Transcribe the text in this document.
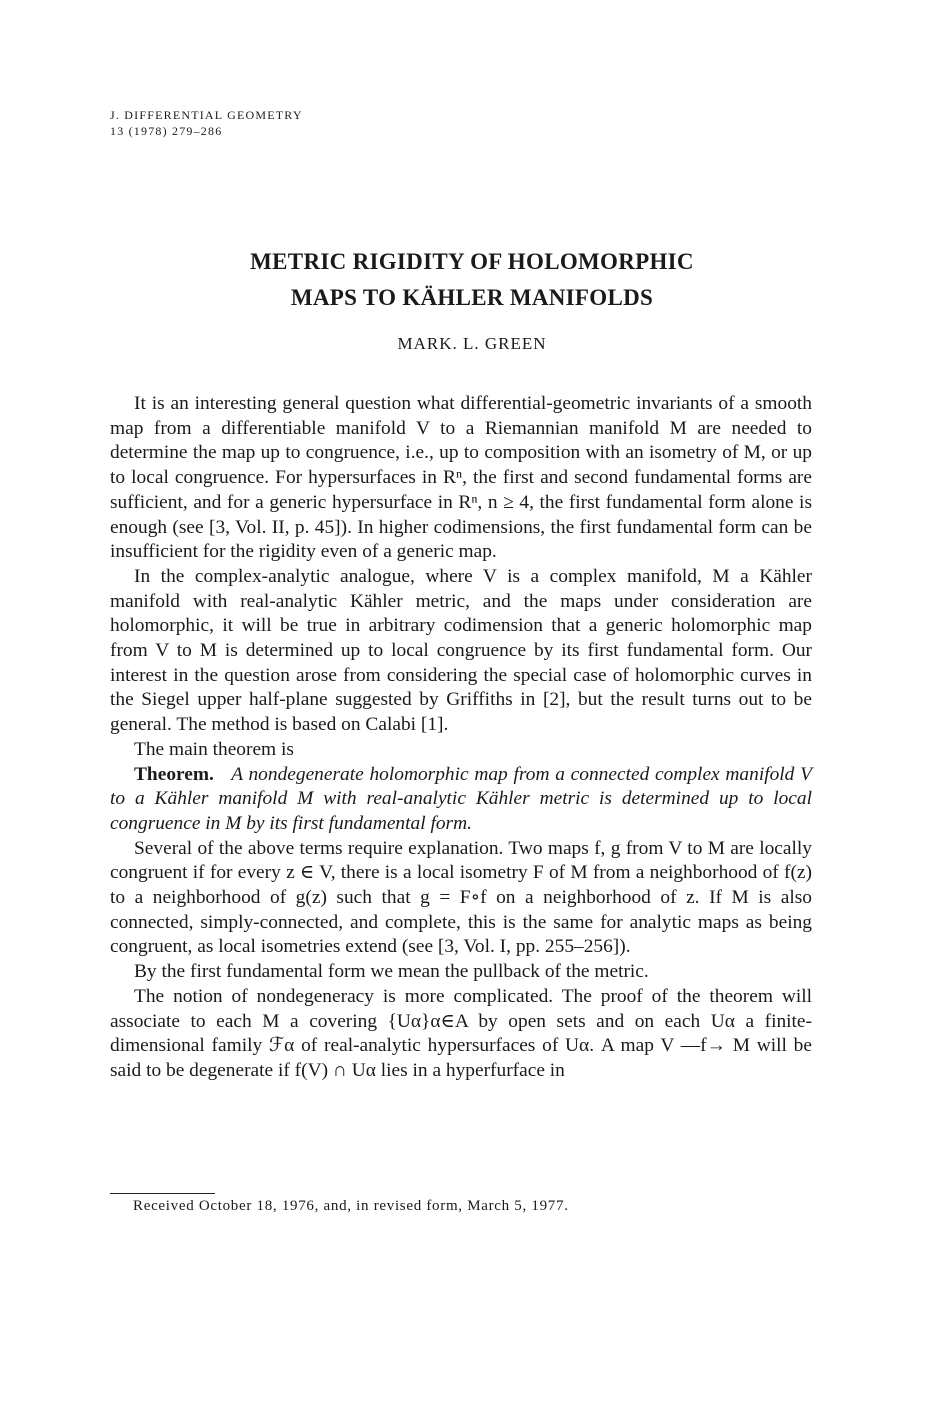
J. DIFFERENTIAL GEOMETRY
13 (1978) 279–286
METRIC RIGIDITY OF HOLOMORPHIC
MAPS TO KÄHLER MANIFOLDS
MARK. L. GREEN

It is an interesting general question what differential-geometric invariants of a smooth map from a differentiable manifold V to a Riemannian manifold M are needed to determine the map up to congruence, i.e., up to composition with an isometry of M, or up to local congruence. For hypersurfaces in Rⁿ, the first and second fundamental forms are sufficient, and for a generic hypersurface in Rⁿ, n ≥ 4, the first fundamental form alone is enough (see [3, Vol. II, p. 45]). In higher codimensions, the first fundamental form can be insufficient for the rigidity even of a generic map.

In the complex-analytic analogue, where V is a complex manifold, M a Kähler manifold with real-analytic Kähler metric, and the maps under consideration are holomorphic, it will be true in arbitrary codimension that a generic holomorphic map from V to M is determined up to local congruence by its first fundamental form. Our interest in the question arose from considering the special case of holomorphic curves in the Siegel upper half-plane suggested by Griffiths in [2], but the result turns out to be general. The method is based on Calabi [1].

The main theorem is

Theorem. A nondegenerate holomorphic map from a connected complex manifold V to a Kähler manifold M with real-analytic Kähler metric is determined up to local congruence in M by its first fundamental form.

Several of the above terms require explanation. Two maps f, g from V to M are locally congruent if for every z ∈ V, there is a local isometry F of M from a neighborhood of f(z) to a neighborhood of g(z) such that g = F∘f on a neighborhood of z. If M is also connected, simply-connected, and complete, this is the same for analytic maps as being congruent, as local isometries extend (see [3, Vol. I, pp. 255–256]).

By the first fundamental form we mean the pullback of the metric.

The notion of nondegeneracy is more complicated. The proof of the theorem will associate to each M a covering {Uα}α∈A by open sets and on each Uα a finite-dimensional family ℱα of real-analytic hypersurfaces of Uα. A map V —f→ M will be said to be degenerate if f(V) ∩ Uα lies in a hyperfurface in

Received October 18, 1976, and, in revised form, March 5, 1977.
